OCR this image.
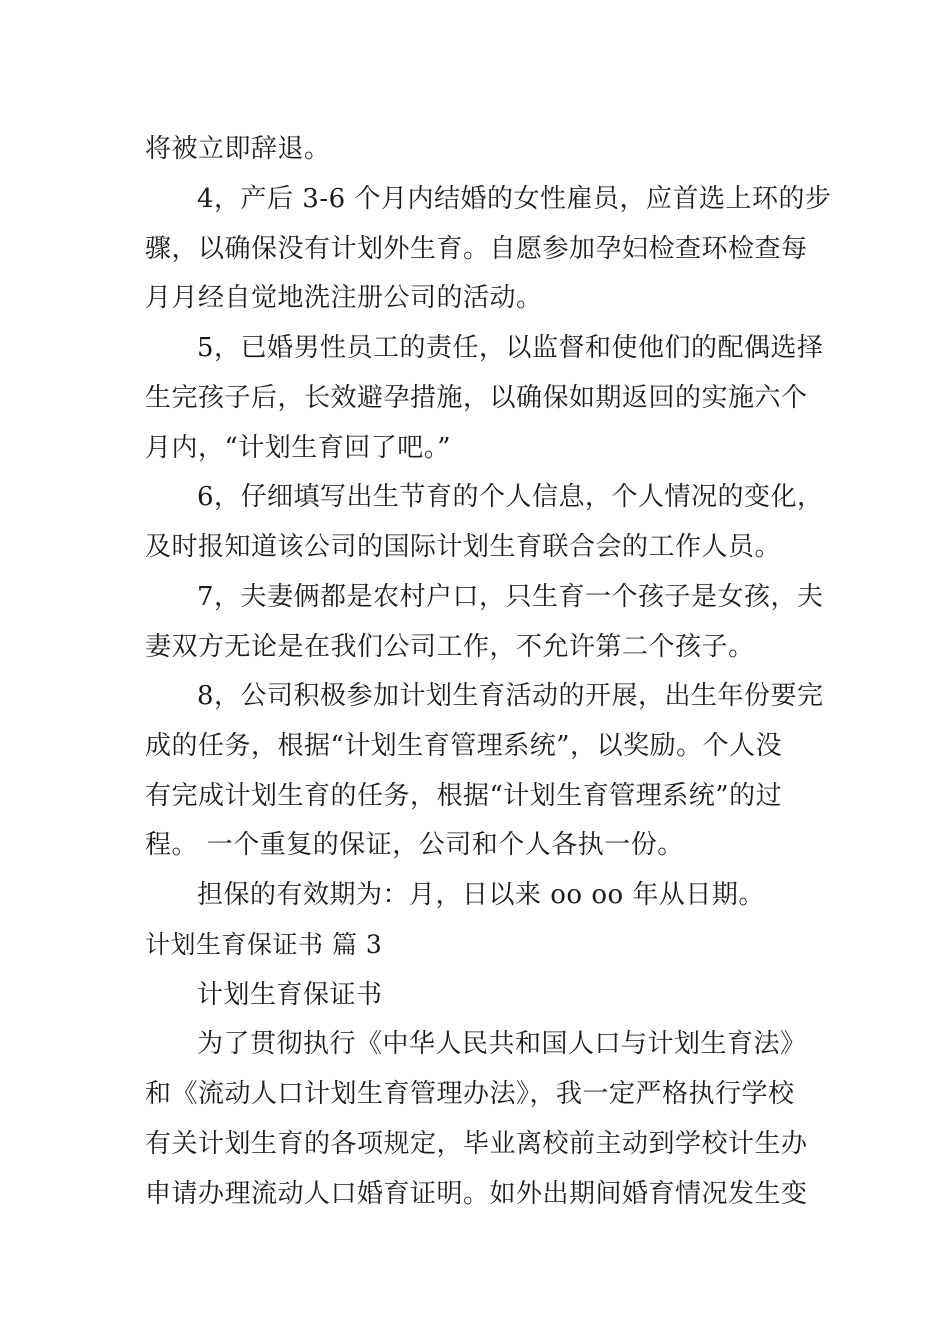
将被立即辞退。

4，产后 3-6 个月内结婚的女性雇员，应首选上环的步

骤，以确保没有计划外生育。自愿参加孕妇检查环检查每

月月经自觉地洗注册公司的活动。

5，已婚男性员工的责任，以监督和使他们的配偶选择

生完孩子后，长效避孕措施，以确保如期返回的实施六个

月内，“计划生育回了吧。”

6，仔细填写出生节育的个人信息，个人情况的变化，

及时报知道该公司的国际计划生育联合会的工作人员。

7，夫妻俩都是农村户口，只生育一个孩子是女孩，夫

妻双方无论是在我们公司工作，不允许第二个孩子。

8，公司积极参加计划生育活动的开展，出生年份要完

成的任务，根据“计划生育管理系统”，以奖励。个人没

有完成计划生育的任务，根据“计划生育管理系统”的过

程。 一个重复的保证，公司和个人各执一份。

担保的有效期为：月，日以来 oo oo 年从日期。

计划生育保证书 篇 3

计划生育保证书

为了贯彻执行《中华人民共和国人口与计划生育法》

和《流动人口计划生育管理办法》，我一定严格执行学校

有关计划生育的各项规定，毕业离校前主动到学校计生办

申请办理流动人口婚育证明。如外出期间婚育情况发生变
